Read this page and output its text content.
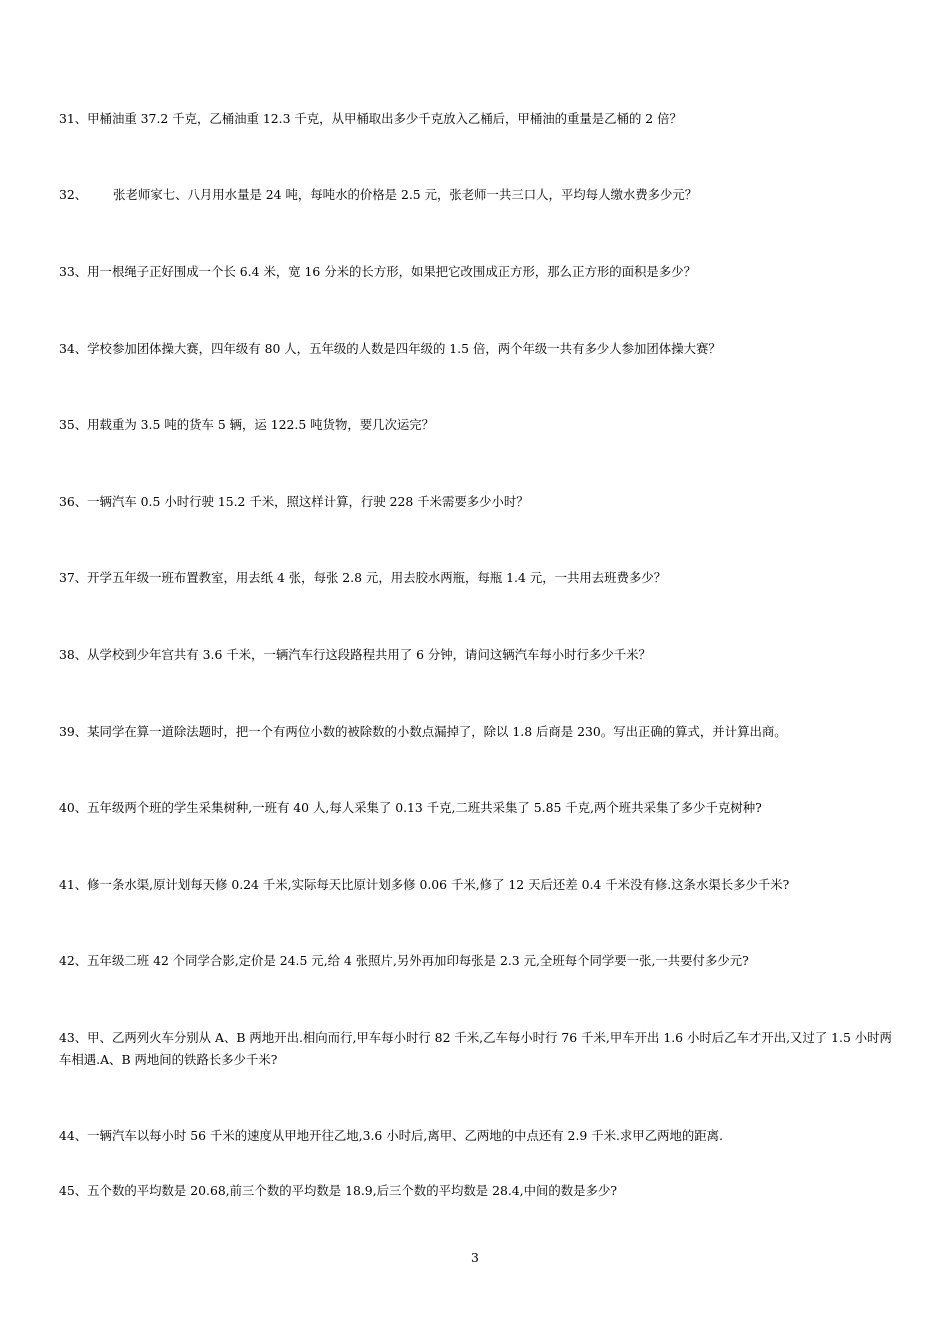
31、甲桶油重 37.2 千克，乙桶油重 12.3 千克，从甲桶取出多少千克放入乙桶后，甲桶油的重量是乙桶的 2 倍？
32、 张老师家七、八月用水量是 24 吨，每吨水的价格是 2.5 元，张老师一共三口人，平均每人缴水费多少元？
33、用一根绳子正好围成一个长 6.4 米，宽 16 分米的长方形，如果把它改围成正方形，那么正方形的面积是多少？
34、学校参加团体操大赛，四年级有 80 人，五年级的人数是四年级的 1.5 倍，两个年级一共有多少人参加团体操大赛？
35、用载重为 3.5 吨的货车 5 辆，运 122.5 吨货物，要几次运完？
36、一辆汽车 0.5 小时行驶 15.2 千米，照这样计算，行驶 228 千米需要多少小时？
37、开学五年级一班布置教室，用去纸 4 张，每张 2.8 元，用去胶水两瓶，每瓶 1.4 元，一共用去班费多少？
38、从学校到少年宫共有 3.6 千米，一辆汽车行这段路程共用了 6 分钟，请问这辆汽车每小时行多少千米？
39、某同学在算一道除法题时，把一个有两位小数的被除数的小数点漏掉了，除以 1.8 后商是 230。写出正确的算式，并计算出商。
40、五年级两个班的学生采集树种,一班有 40 人,每人采集了 0.13 千克,二班共采集了 5.85 千克,两个班共采集了多少千克树种?
41、修一条水渠,原计划每天修 0.24 千米,实际每天比原计划多修 0.06 千米,修了 12 天后还差 0.4 千米没有修.这条水渠长多少千米?
42、五年级二班 42 个同学合影,定价是 24.5 元,给 4 张照片,另外再加印每张是 2.3 元,全班每个同学要一张,一共要付多少元?
43、甲、乙两列火车分别从 A、B 两地开出.相向而行,甲车每小时行 82 千米,乙车每小时行 76 千米,甲车开出 1.6 小时后乙车才开出,又过了 1.5 小时两车相遇.A、B 两地间的铁路长多少千米?
44、一辆汽车以每小时 56 千米的速度从甲地开往乙地,3.6 小时后,离甲、乙两地的中点还有 2.9 千米.求甲乙两地的距离.
45、五个数的平均数是 20.68,前三个数的平均数是 18.9,后三个数的平均数是 28.4,中间的数是多少?
3
